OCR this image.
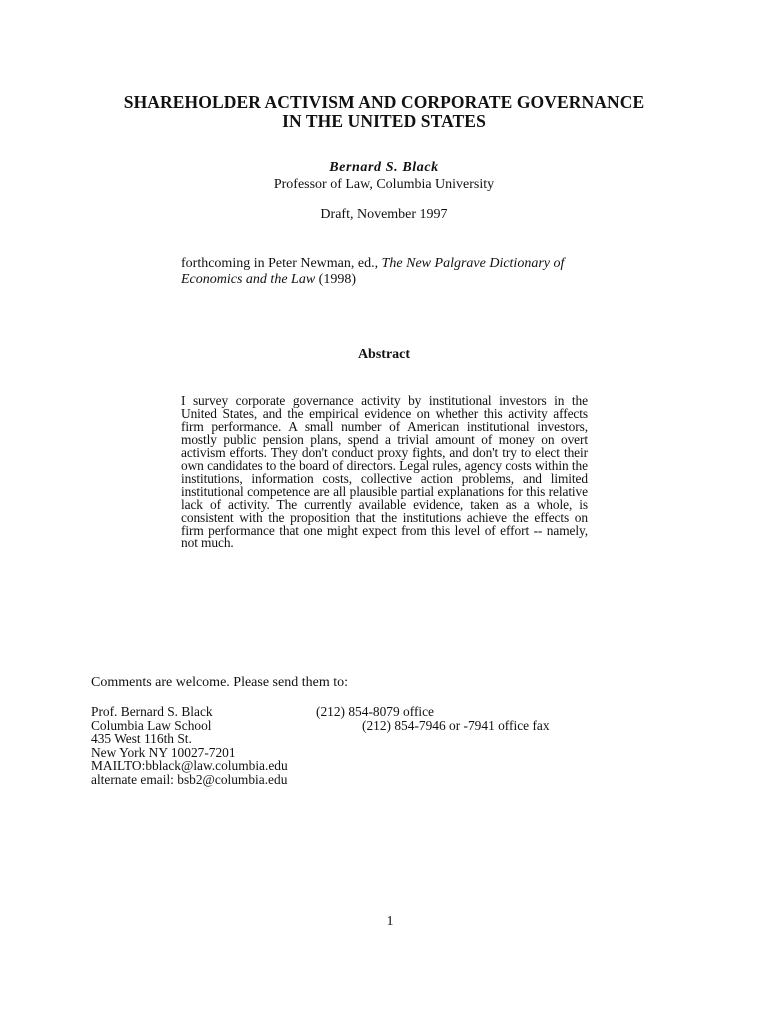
SHAREHOLDER ACTIVISM AND CORPORATE GOVERNANCE
IN THE UNITED STATES
Bernard S. Black
Professor of Law, Columbia University
Draft, November 1997
forthcoming in Peter Newman, ed., The New Palgrave Dictionary of Economics and the Law (1998)
Abstract
I survey corporate governance activity by institutional investors in the United States, and the empirical evidence on whether this activity affects firm performance. A small number of American institutional investors, mostly public pension plans, spend a trivial amount of money on overt activism efforts. They don't conduct proxy fights, and don't try to elect their own candidates to the board of directors. Legal rules, agency costs within the institutions, information costs, collective action problems, and limited institutional competence are all plausible partial explanations for this relative lack of activity. The currently available evidence, taken as a whole, is consistent with the proposition that the institutions achieve the effects on firm performance that one might expect from this level of effort -- namely, not much.
Comments are welcome. Please send them to:
Prof. Bernard S. Black
Columbia Law School
435 West 116th St.
New York NY 10027-7201
MAILTO:bblack@law.columbia.edu
alternate email: bsb2@columbia.edu
(212) 854-8079 office
(212) 854-7946 or -7941 office fax
1
